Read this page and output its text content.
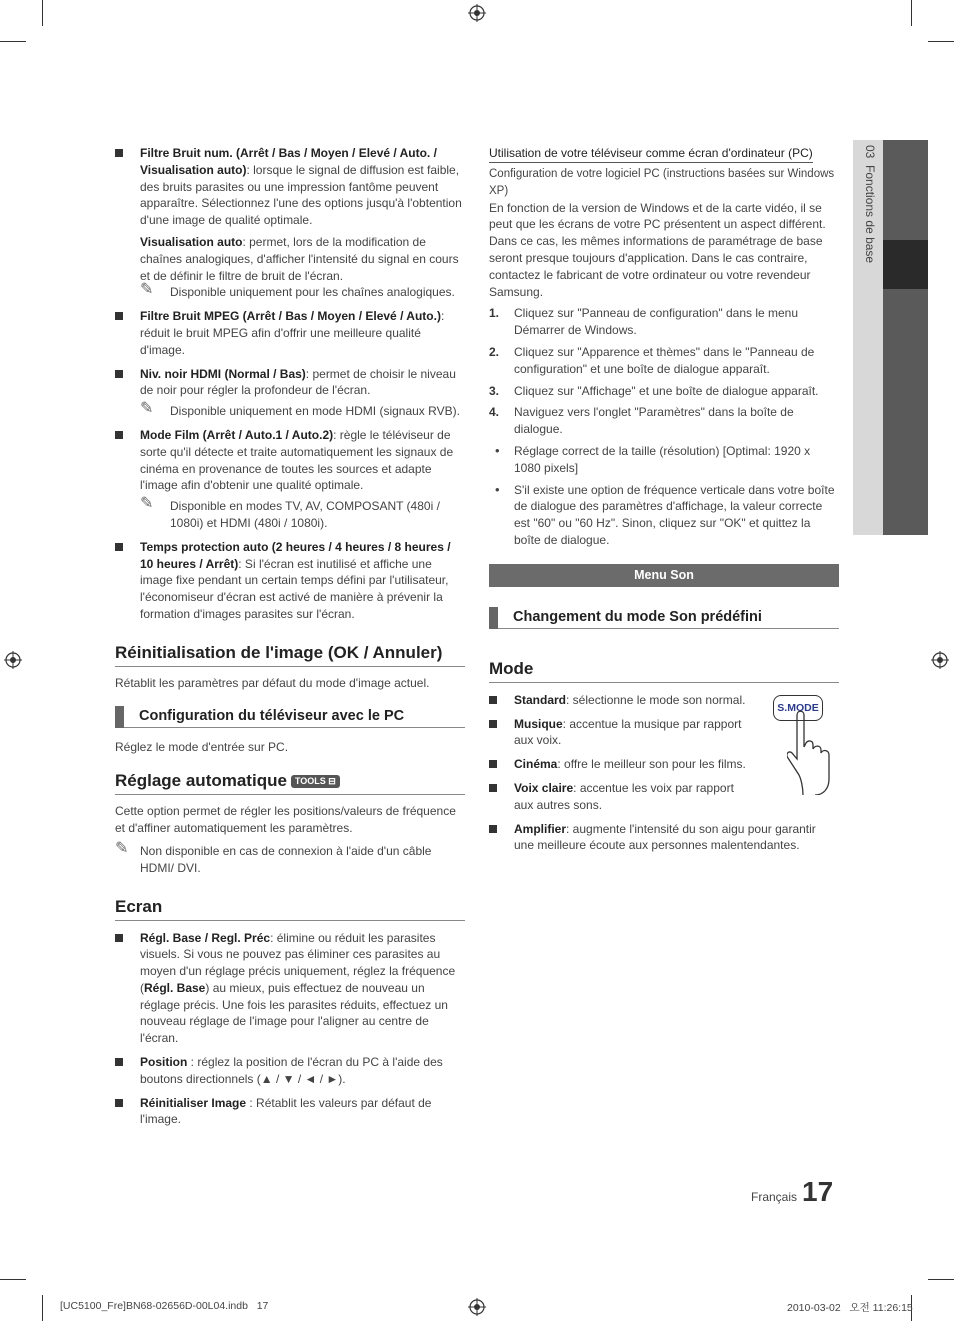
03  Fonctions de base
Filtre Bruit num. (Arrêt / Bas / Moyen / Elevé / Auto. / Visualisation auto): lorsque le signal de diffusion est faible, des bruits parasites ou une impression fantôme peuvent apparaître. Sélectionnez l'une des options jusqu'à l'obtention d'une image de qualité optimale.
Visualisation auto: permet, lors de la modification de chaînes analogiques, d'afficher l'intensité du signal en cours et de définir le filtre de bruit de l'écran.
✎ Disponible uniquement pour les chaînes analogiques.
Filtre Bruit MPEG (Arrêt / Bas / Moyen / Elevé / Auto.): réduit le bruit MPEG afin d'offrir une meilleure qualité d'image.
Niv. noir HDMI (Normal / Bas): permet de choisir le niveau de noir pour régler la profondeur de l'écran.
✎ Disponible uniquement en mode HDMI (signaux RVB).
Mode Film (Arrêt / Auto.1 / Auto.2): règle le téléviseur de sorte qu'il détecte et traite automatiquement les signaux de cinéma en provenance de toutes les sources et adapte l'image afin d'obtenir une qualité optimale.
✎ Disponible en modes TV, AV, COMPOSANT (480i / 1080i) et HDMI (480i / 1080i).
Temps protection auto (2 heures / 4 heures / 8 heures / 10 heures / Arrêt): Si l'écran est inutilisé et affiche une image fixe pendant un certain temps défini par l'utilisateur, l'économiseur d'écran est activé de manière à prévenir la formation d'images parasites sur l'écran.
Réinitialisation de l'image (OK / Annuler)

Rétablit les paramètres par défaut du mode d'image actuel.

Configuration du téléviseur avec le PC

Réglez le mode d'entrée sur PC.

Réglage automatique TOOLS ⊟

Cette option permet de régler les positions/valeurs de fréquence et d'affiner automatiquement les paramètres.

✎ Non disponible en cas de connexion à l'aide d'un câble HDMI/ DVI.
Ecran
Régl. Base / Regl. Préc: élimine ou réduit les parasites visuels. Si vous ne pouvez pas éliminer ces parasites au moyen d'un réglage précis uniquement, réglez la fréquence (Régl. Base) au mieux, puis effectuez de nouveau un réglage précis. Une fois les parasites réduits, effectuez un nouveau réglage de l'image pour l'aligner au centre de l'écran.
Position : réglez la position de l'écran du PC à l'aide des boutons directionnels (▲ / ▼ / ◄ / ►).
Réinitialiser Image : Rétablit les valeurs par défaut de l'image.
Utilisation de votre téléviseur comme écran d'ordinateur (PC)

Configuration de votre logiciel PC (instructions basées sur Windows XP)

En fonction de la version de Windows et de la carte vidéo, il se peut que les écrans de votre PC présentent un aspect différent. Dans ce cas, les mêmes informations de paramétrage de base seront presque toujours d'application. Dans le cas contraire, contactez le fabricant de votre ordinateur ou votre revendeur Samsung.

1. Cliquez sur "Panneau de configuration" dans le menu Démarrer de Windows.
2. Cliquez sur "Apparence et thèmes" dans le "Panneau de configuration" et une boîte de dialogue apparaît.
3. Cliquez sur "Affichage" et une boîte de dialogue apparaît.
4. Naviguez vers l'onglet "Paramètres" dans la boîte de dialogue.
• Réglage correct de la taille (résolution) [Optimal: 1920 x 1080 pixels]
• S'il existe une option de fréquence verticale dans votre boîte de dialogue des paramètres d'affichage, la valeur correcte est "60" ou "60 Hz". Sinon, cliquez sur "OK" et quittez la boîte de dialogue.
Menu Son
Changement du mode Son prédéfini
Mode
Standard: sélectionne le mode son normal.
Musique: accentue la musique par rapport aux voix.
Cinéma: offre le meilleur son pour les films.
Voix claire: accentue les voix par rapport aux autres sons.
Amplifier: augmente l'intensité du son aigu pour garantir une meilleure écoute aux personnes malentendantes.
S.MODE
Français 17
[UC5100_Fre]BN68-02656D-00L04.indb   17	2010-03-02   오전 11:26:15
